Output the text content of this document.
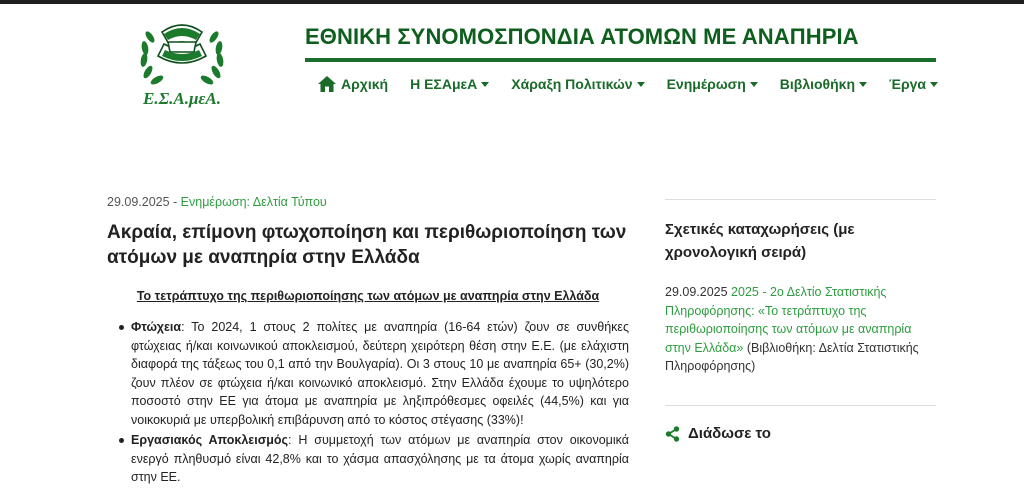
Ε.Σ.Α.μεΑ.
ΕΘΝΙΚΗ ΣΥΝΟΜΟΣΠΟΝΔΙΑ ΑΤΟΜΩΝ ΜΕ ΑΝΑΠΗΡΙΑ
Αρχική Η ΕΣΑμεΑ Χάραξη Πολιτικών Ενημέρωση Βιβλιοθήκη Έργα
29.09.2025 - Ενημέρωση: Δελτία Τύπου
Ακραία, επίμονη φτωχοποίηση και περιθωριοποίηση των ατόμων με αναπηρία στην Ελλάδα
Το τετράπτυχο της περιθωριοποίησης των ατόμων με αναπηρία στην Ελλάδα
Φτώχεια: Το 2024, 1 στους 2 πολίτες με αναπηρία (16-64 ετών) ζουν σε συνθήκες φτώχειας ή/και κοινωνικού αποκλεισμού, δεύτερη χειρότερη θέση στην Ε.Ε. (με ελάχιστη διαφορά της τάξεως του 0,1 από την Βουλγαρία). Οι 3 στους 10 με αναπηρία 65+ (30,2%) ζουν πλέον σε φτώχεια ή/και κοινωνικό αποκλεισμό. Στην Ελλάδα έχουμε το υψηλότερο ποσοστό στην ΕΕ για άτομα με αναπηρία με ληξιπρόθεσμες οφειλές (44,5%) και για νοικοκυριά με υπερβολική επιβάρυνση από το κόστος στέγασης (33%)!
Εργασιακός Αποκλεισμός: Η συμμετοχή των ατόμων με αναπηρία στον οικονομικά ενεργό πληθυσμό είναι 42,8% και το χάσμα απασχόλησης με τα άτομα χωρίς αναπηρία στην ΕΕ.
Σχετικές καταχωρήσεις (με χρονολογική σειρά)
29.09.2025 2025 - 2ο Δελτίο Στατιστικής Πληροφόρησης: «Το τετράπτυχο της περιθωριοποίησης των ατόμων με αναπηρία στην Ελλάδα» (Βιβλιοθήκη: Δελτία Στατιστικής Πληροφόρησης)
Διάδωσε το
